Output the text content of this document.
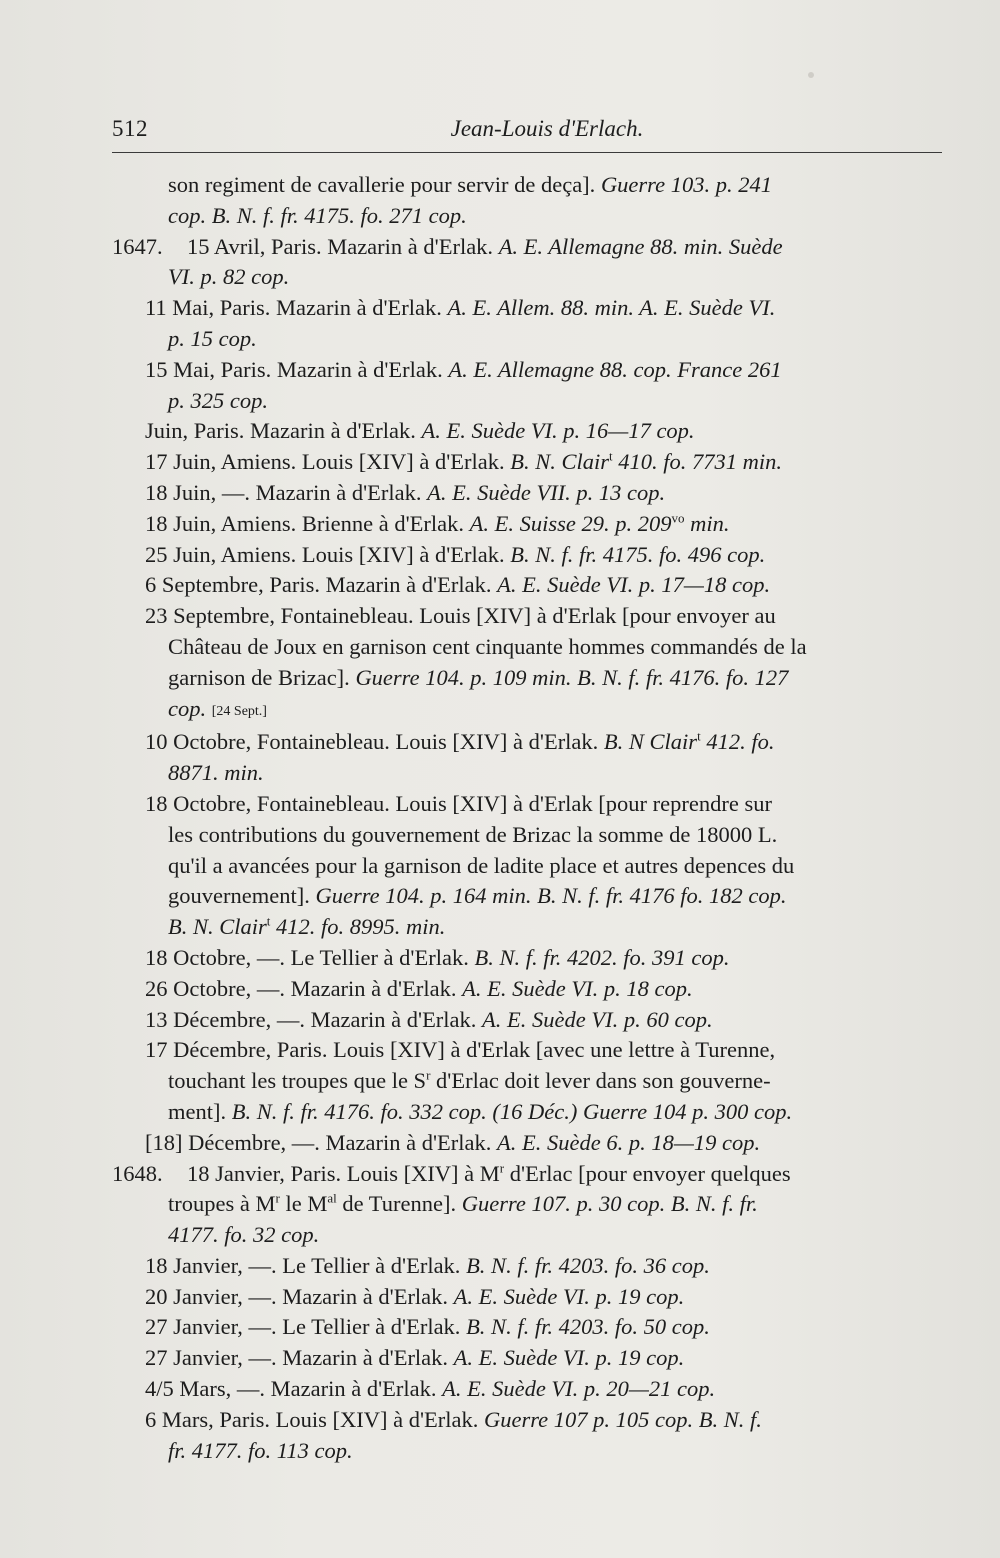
512	Jean-Louis d'Erlach.
son regiment de cavallerie pour servir de deça]. Guerre 103. p. 241
cop. B. N. f. fr. 4175. fo. 271 cop.
1647. 15 Avril, Paris. Mazarin à d'Erlak. A. E. Allemagne 88. min. Suède
VI. p. 82 cop.
11 Mai, Paris. Mazarin à d'Erlak. A. E. Allem. 88. min. A. E. Suède VI.
p. 15 cop.
15 Mai, Paris. Mazarin à d'Erlak. A. E. Allemagne 88. cop. France 261
p. 325 cop.
Juin, Paris. Mazarin à d'Erlak. A. E. Suède VI. p. 16—17 cop.
17 Juin, Amiens. Louis [XIV] à d'Erlak. B. N. Clair$^t$ 410. fo. 7731 min.
18 Juin, —. Mazarin à d'Erlak. A. E. Suède VII. p. 13 cop.
18 Juin, Amiens. Brienne à d'Erlak. A. E. Suisse 29. p. $209^{vo}$ min.
25 Juin, Amiens. Louis [XIV] à d'Erlak. B. N. f. fr. 4175. fo. 496 cop.
6 Septembre, Paris. Mazarin à d'Erlak. A. E. Suède VI. p. 17—18 cop.
23 Septembre, Fontainebleau. Louis [XIV] à d'Erlak [pour envoyer au
Château de Joux en garnison cent cinquante hommes commandés de la
garnison de Brizac]. Guerre 104. p. 109 min. B. N. f. fr. 4176. fo. 127
cop. [24 Sept.]
10 Octobre, Fontainebleau. Louis [XIV] à d'Erlak. B. N Clair$^t$ 412. fo.
8871. min.
18 Octobre, Fontainebleau. Louis [XIV] à d'Erlak [pour reprendre sur
les contributions du gouvernement de Brizac la somme de 18000 L.
qu'il a avancées pour la garnison de ladite place et autres depences du
gouvernement]. Guerre 104. p. 164 min. B. N. f. fr. 4176 fo. 182 cop.
B. N. Clair$^t$ 412. fo. 8995. min.
18 Octobre, —. Le Tellier à d'Erlak. B. N. f. fr. 4202. fo. 391 cop.
26 Octobre, —. Mazarin à d'Erlak. A. E. Suède VI. p. 18 cop.
13 Décembre, —. Mazarin à d'Erlak. A. E. Suède VI. p. 60 cop.
17 Décembre, Paris. Louis [XIV] à d'Erlak [avec une lettre à Turenne,
touchant les troupes que le $S^r$ d'Erlac doit lever dans son gouverne-
ment]. B. N. f. fr. 4176. fo. 332 cop. (16 Déc.) Guerre 104 p. 300 cop.
[18] Décembre, —. Mazarin à d'Erlak. A. E. Suède 6. p. 18—19 cop.
1648. 18 Janvier, Paris. Louis [XIV] à $M^r$ d'Erlac [pour envoyer quelques
troupes à $M^r$ le $M^{al}$ de Turenne]. Guerre 107. p. 30 cop. B. N. f. fr.
4177. fo. 32 cop.
18 Janvier, —. Le Tellier à d'Erlak. B. N. f. fr. 4203. fo. 36 cop.
20 Janvier, —. Mazarin à d'Erlak. A. E. Suède VI. p. 19 cop.
27 Janvier, —. Le Tellier à d'Erlak. B. N. f. fr. 4203. fo. 50 cop.
27 Janvier, —. Mazarin à d'Erlak. A. E. Suède VI. p. 19 cop.
4/5 Mars, —. Mazarin à d'Erlak. A. E. Suède VI. p. 20—21 cop.
6 Mars, Paris. Louis [XIV] à d'Erlak. Guerre 107 p. 105 cop. B. N. f.
fr. 4177. fo. 113 cop.
